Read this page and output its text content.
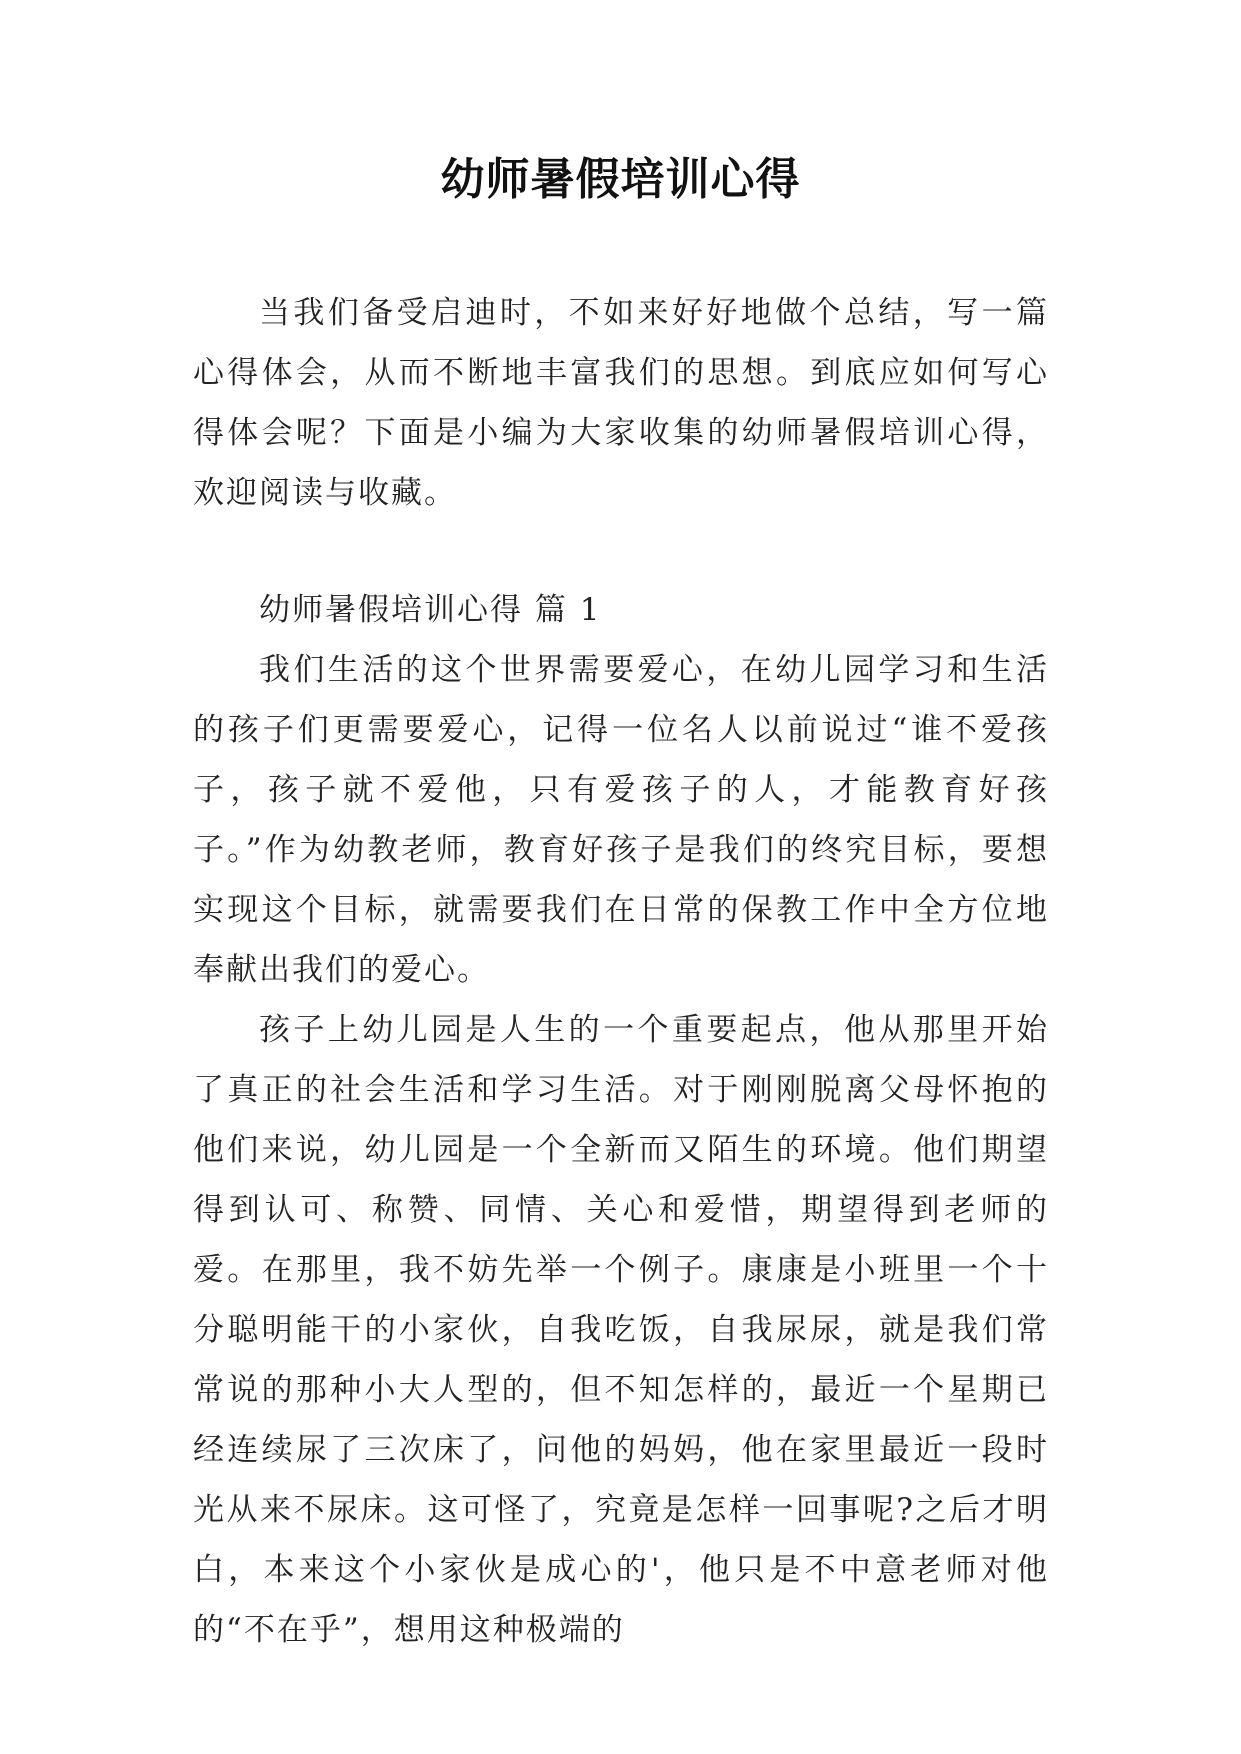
幼师暑假培训心得

当我们备受启迪时，不如来好好地做个总结，写一篇心得体会，从而不断地丰富我们的思想。到底应如何写心得体会呢？下面是小编为大家收集的幼师暑假培训心得，欢迎阅读与收藏。

幼师暑假培训心得 篇 1

我们生活的这个世界需要爱心，在幼儿园学习和生活的孩子们更需要爱心，记得一位名人以前说过“谁不爱孩子，孩子就不爱他，只有爱孩子的人，才能教育好孩子。”作为幼教老师，教育好孩子是我们的终究目标，要想实现这个目标，就需要我们在日常的保教工作中全方位地奉献出我们的爱心。

孩子上幼儿园是人生的一个重要起点，他从那里开始了真正的社会生活和学习生活。对于刚刚脱离父母怀抱的他们来说，幼儿园是一个全新而又陌生的环境。他们期望得到认可、称赞、同情、关心和爱惜，期望得到老师的爱。在那里，我不妨先举一个例子。康康是小班里一个十分聪明能干的小家伙，自我吃饭，自我尿尿，就是我们常常说的那种小大人型的，但不知怎样的，最近一个星期已经连续尿了三次床了，问他的妈妈，他在家里最近一段时光从来不尿床。这可怪了，究竟是怎样一回事呢?之后才明白，本来这个小家伙是成心的'，他只是不中意老师对他的“不在乎”，想用这种极端的
